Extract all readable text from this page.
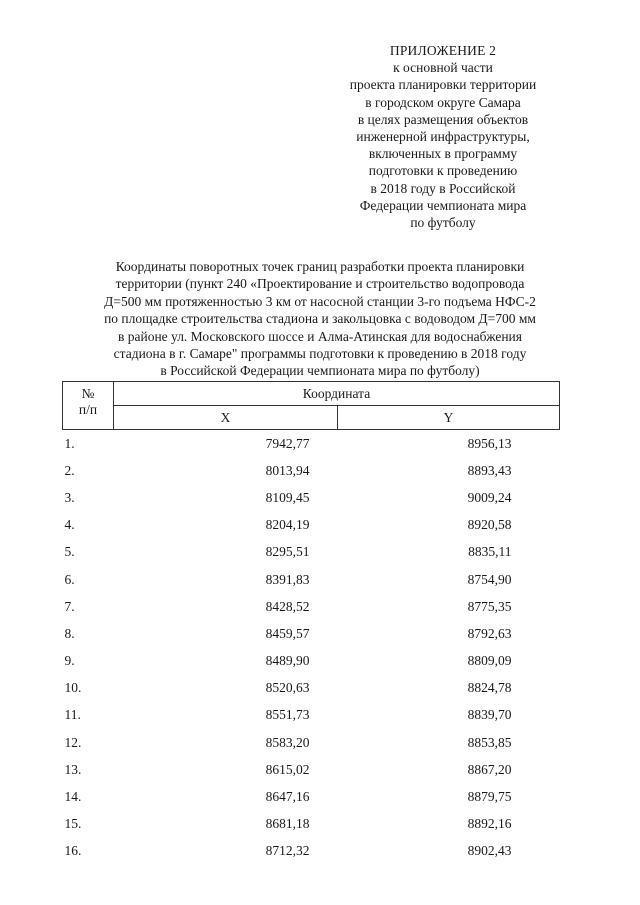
ПРИЛОЖЕНИЕ 2
к основной части
проекта планировки территории
в городском округе Самара
в целях размещения объектов
инженерной инфраструктуры,
включенных в программу
подготовки к проведению
в 2018 году в Российской
Федерации чемпионата мира
по футболу
Координаты поворотных точек границ разработки проекта планировки
территории (пункт 240 «Проектирование и строительство водопровода
Д=500 мм протяженностью 3 км от насосной станции 3-го подъема НФС-2
по площадке строительства стадиона и закольцовка с водоводом Д=700 мм
в районе ул. Московского шоссе и Алма-Атинская для водоснабжения
стадиона в г. Самаре" программы подготовки к проведению в 2018 году
в Российской Федерации чемпионата мира по футболу)
№
п/п	Координата	
	X	Y
1.	7942,77	8956,13
2.	8013,94	8893,43
3.	8109,45	9009,24
4.	8204,19	8920,58
5.	8295,51	8835,11
6.	8391,83	8754,90
7.	8428,52	8775,35
8.	8459,57	8792,63
9.	8489,90	8809,09
10.	8520,63	8824,78
11.	8551,73	8839,70
12.	8583,20	8853,85
13.	8615,02	8867,20
14.	8647,16	8879,75
15.	8681,18	8892,16
16.	8712,32	8902,43
